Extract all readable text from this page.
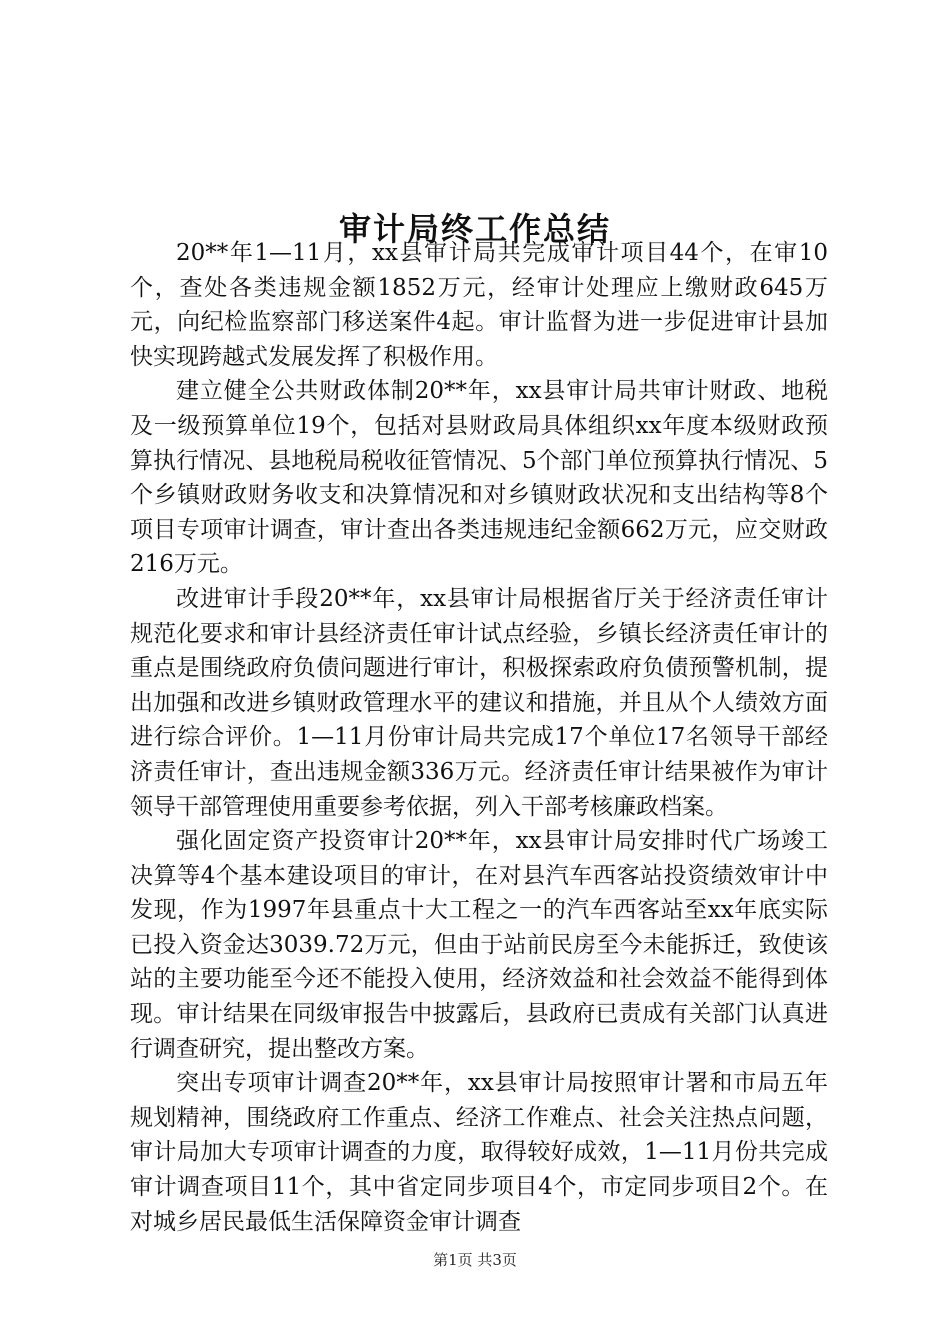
审计局终工作总结

20**年1—11月，xx县审计局共完成审计项目44个，在审10个，查处各类违规金额1852万元，经审计处理应上缴财政645万元，向纪检监察部门移送案件4起。审计监督为进一步促进审计县加快实现跨越式发展发挥了积极作用。

建立健全公共财政体制20**年，xx县审计局共审计财政、地税及一级预算单位19个，包括对县财政局具体组织xx年度本级财政预算执行情况、县地税局税收征管情况、5个部门单位预算执行情况、5个乡镇财政财务收支和决算情况和对乡镇财政状况和支出结构等8个项目专项审计调查，审计查出各类违规违纪金额662万元，应交财政216万元。

改进审计手段20**年，xx县审计局根据省厅关于经济责任审计规范化要求和审计县经济责任审计试点经验，乡镇长经济责任审计的重点是围绕政府负债问题进行审计，积极探索政府负债预警机制，提出加强和改进乡镇财政管理水平的建议和措施，并且从个人绩效方面进行综合评价。1—11月份审计局共完成17个单位17名领导干部经济责任审计，查出违规金额336万元。经济责任审计结果被作为审计领导干部管理使用重要参考依据，列入干部考核廉政档案。

强化固定资产投资审计20**年，xx县审计局安排时代广场竣工决算等4个基本建设项目的审计，在对县汽车西客站投资绩效审计中发现，作为1997年县重点十大工程之一的汽车西客站至xx年底实际已投入资金达3039.72万元，但由于站前民房至今未能拆迁，致使该站的主要功能至今还不能投入使用，经济效益和社会效益不能得到体现。审计结果在同级审报告中披露后，县政府已责成有关部门认真进行调查研究，提出整改方案。

突出专项审计调查20**年，xx县审计局按照审计署和市局五年规划精神，围绕政府工作重点、经济工作难点、社会关注热点问题，审计局加大专项审计调查的力度，取得较好成效，1—11月份共完成审计调查项目11个，其中省定同步项目4个，市定同步项目2个。在对城乡居民最低生活保障资金审计调查

第1页 共3页
